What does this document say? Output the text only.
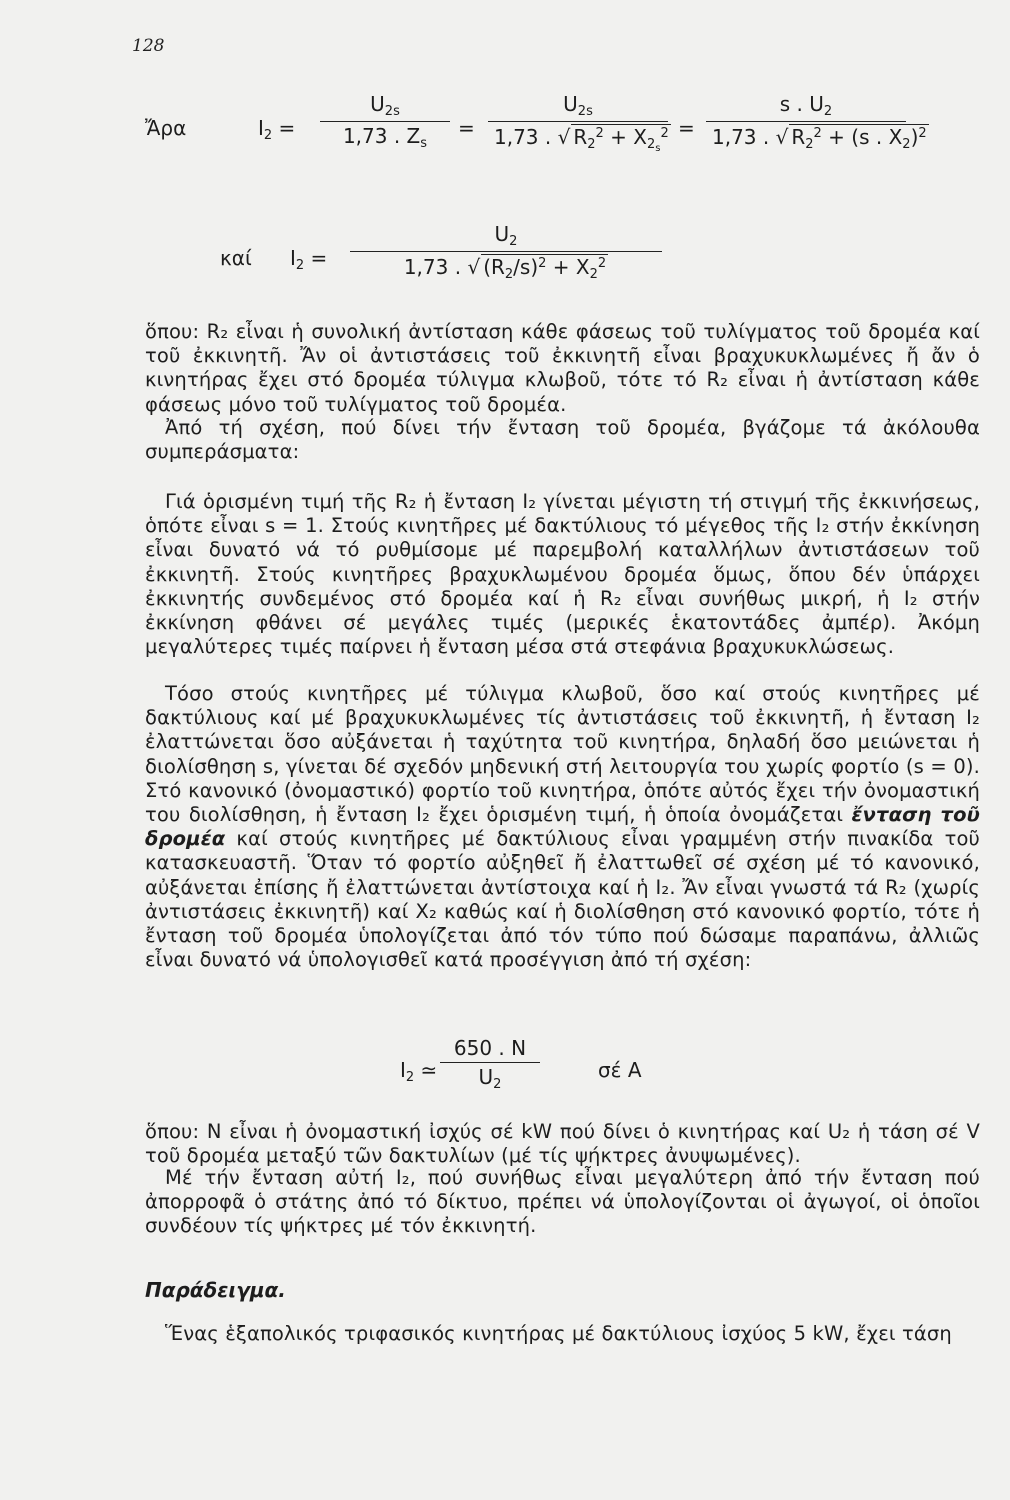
128
Ἄρα	$I_2 = \frac{U_{2s}}{1,73 . Z_s} = \frac{U_{2s}}{1,73 . √ R_2^2 + X_{2_s}^2} = \frac{s . U_2}{1,73 . √ R_2^2 + (s . X_2)^2}$
καί $I_2 = \frac{U_2}{1,73 . √ (R_2/s)^2 + X_2^2}$
ὅπου: R₂ εἶναι ἡ συνολική ἀντίσταση κάθε φάσεως τοῦ τυλίγματος τοῦ δρομέα καί τοῦ ἐκκινητῆ. Ἄν οἱ ἀντιστάσεις τοῦ ἐκκινητῆ εἶναι βραχυκυκλωμένες ἤ ἄν ὁ κινητήρας ἔχει στό δρομέα τύλιγμα κλωβοῦ, τότε τό R₂ εἶναι ἡ ἀντίσταση κάθε φάσεως μόνο τοῦ τυλίγματος τοῦ δρομέα.
Ἀπό τή σχέση, πού δίνει τήν ἔνταση τοῦ δρομέα, βγάζομε τά ἀκόλουθα συμπεράσματα:
Γιά ὁρισμένη τιμή τῆς R₂ ἡ ἔνταση I₂ γίνεται μέγιστη τή στιγμή τῆς ἐκκινήσεως, ὁπότε εἶναι s = 1. Στούς κινητῆρες μέ δακτύλιους τό μέγεθος τῆς I₂ στήν ἐκκίνηση εἶναι δυνατό νά τό ρυθμίσομε μέ παρεμβολή καταλλήλων ἀντιστάσεων τοῦ ἐκκινητῆ. Στούς κινητῆρες βραχυκλωμένου δρομέα ὅμως, ὅπου δέν ὑπάρχει ἐκκινητής συνδεμένος στό δρομέα καί ἡ R₂ εἶναι συνήθως μικρή, ἡ I₂ στήν ἐκκίνηση φθάνει σέ μεγάλες τιμές (μερικές ἑκατοντάδες ἀμπέρ). Ἀκόμη μεγαλύτερες τιμές παίρνει ἡ ἔνταση μέσα στά στεφάνια βραχυκυκλώσεως.
Τόσο στούς κινητῆρες μέ τύλιγμα κλωβοῦ, ὅσο καί στούς κινητῆρες μέ δακτύλιους καί μέ βραχυκυκλωμένες τίς ἀντιστάσεις τοῦ ἐκκινητῆ, ἡ ἔνταση I₂ ἐλαττώνεται ὅσο αὐξάνεται ἡ ταχύτητα τοῦ κινητήρα, δηλαδή ὅσο μειώνεται ἡ διολίσθηση s, γίνεται δέ σχεδόν μηδενική στή λειτουργία του χωρίς φορτίο (s = 0). Στό κανονικό (ὀνομαστικό) φορτίο τοῦ κινητήρα, ὁπότε αὐτός ἔχει τήν ὀνομαστική του διολίσθηση, ἡ ἔνταση I₂ ἔχει ὁρισμένη τιμή, ἡ ὁποία ὀνομάζεται ἔνταση τοῦ δρομέα καί στούς κινητῆρες μέ δακτύλιους εἶναι γραμμένη στήν πινακίδα τοῦ κατασκευαστῆ. Ὅταν τό φορτίο αὐξηθεῖ ἤ ἐλαττωθεῖ σέ σχέση μέ τό κανονικό, αὐξάνεται ἐπίσης ἤ ἐλαττώνεται ἀντίστοιχα καί ἡ I₂. Ἄν εἶναι γνωστά τά R₂ (χωρίς ἀντιστάσεις ἐκκινητῆ) καί X₂ καθώς καί ἡ διολίσθηση στό κανονικό φορτίο, τότε ἡ ἔνταση τοῦ δρομέα ὑπολογίζεται ἀπό τόν τύπο πού δώσαμε παραπάνω, ἀλλιῶς εἶναι δυνατό νά ὑπολογισθεῖ κατά προσέγγιση ἀπό τή σχέση:
$I_2$ ≃ $\frac{650 . N}{U_2}$	σέ A
ὅπου: N εἶναι ἡ ὀνομαστική ἰσχύς σέ kW πού δίνει ὁ κινητήρας καί U₂ ἡ τάση σέ V τοῦ δρομέα μεταξύ τῶν δακτυλίων (μέ τίς ψήκτρες ἀνυψωμένες).
Μέ τήν ἔνταση αὐτή I₂, πού συνήθως εἶναι μεγαλύτερη ἀπό τήν ἔνταση πού ἀπορροφᾶ ὁ στάτης ἀπό τό δίκτυο, πρέπει νά ὑπολογίζονται οἱ ἀγωγοί, οἱ ὁποῖοι συνδέουν τίς ψήκτρες μέ τόν ἐκκινητή.
Παράδειγμα.
Ἕνας ἑξαπολικός τριφασικός κινητήρας μέ δακτύλιους ἰσχύος 5 kW, ἔχει τάση
